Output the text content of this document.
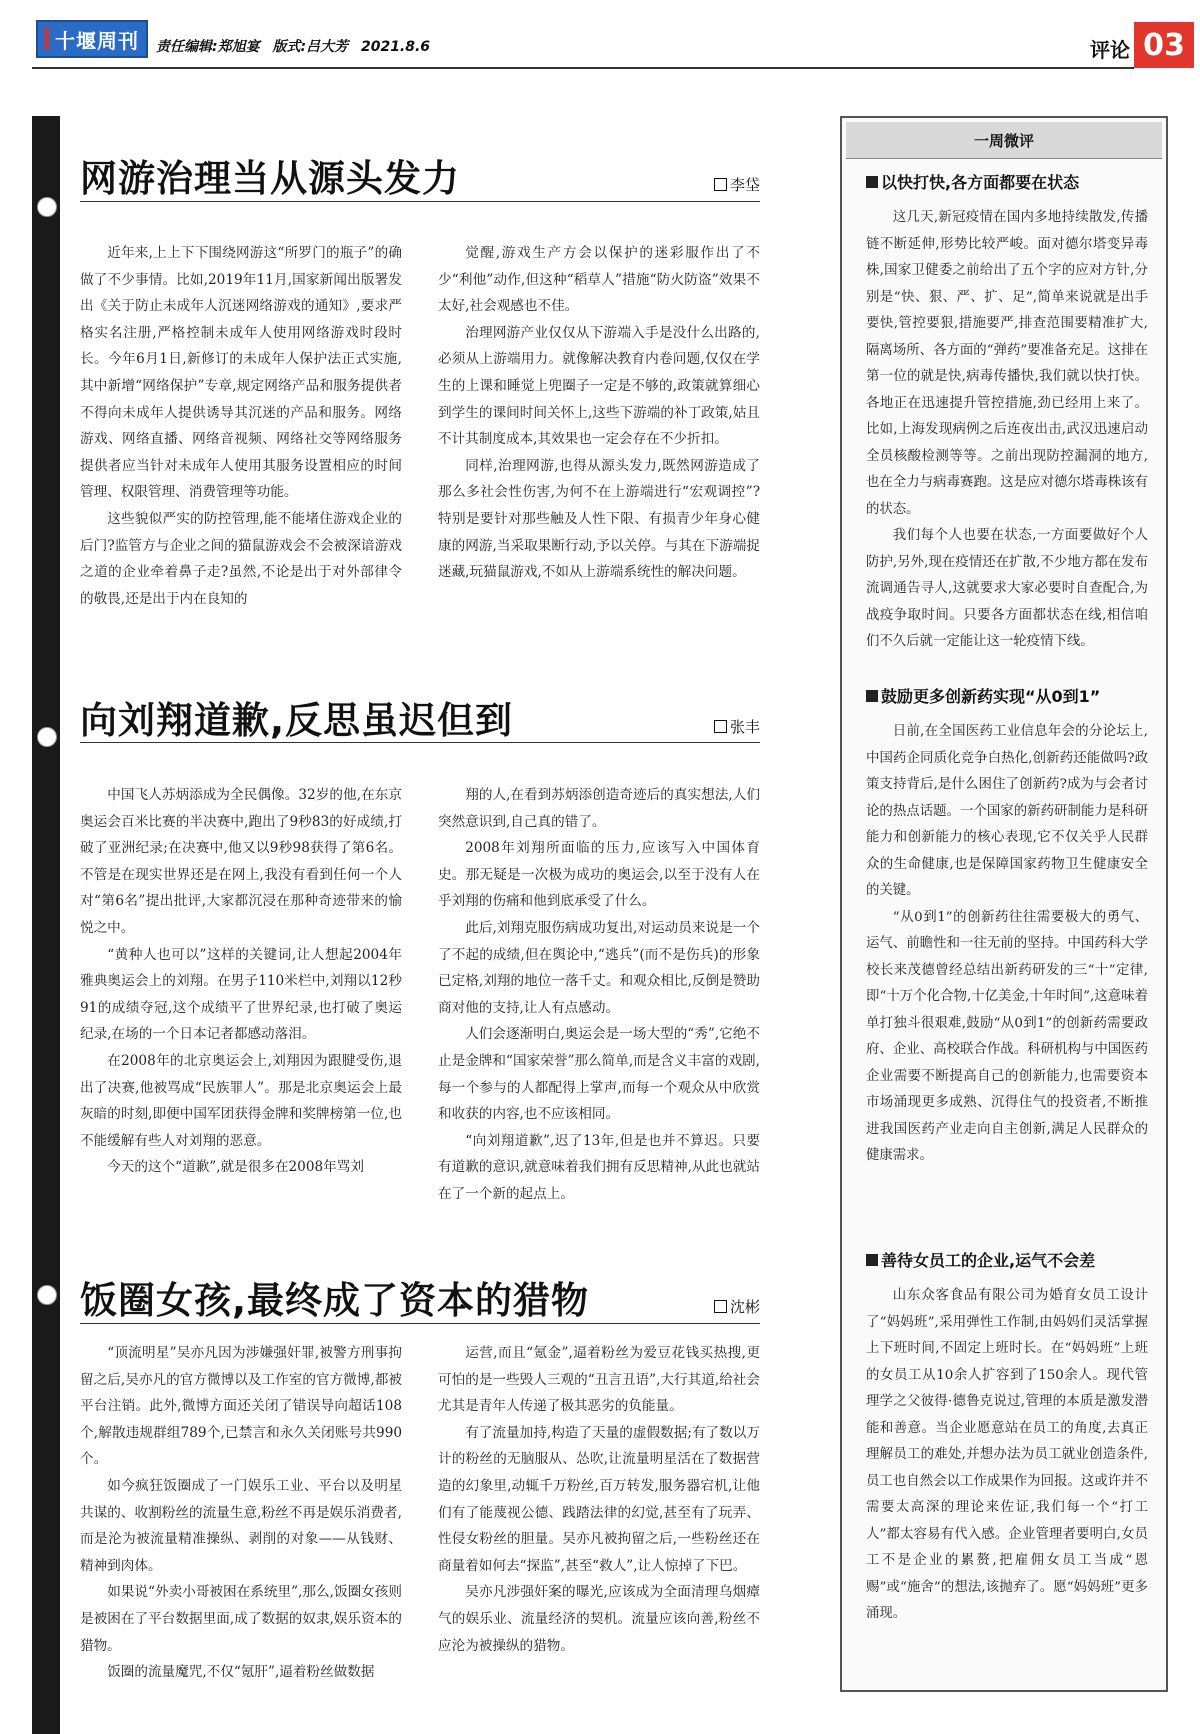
十堰周刊 责任编辑:郑旭宴 版式:吕大芳 2021.8.6	评论 03
网游治理当从源头发力	李垈

近年来,上上下下围绕网游这“所罗门的瓶子”的确做了不少事情。比如,2019年11月,国家新闻出版署发出《关于防止未成年人沉迷网络游戏的通知》,要求严格实名注册,严格控制未成年人使用网络游戏时段时长。今年6月1日,新修订的未成年人保护法正式实施,其中新增“网络保护”专章,规定网络产品和服务提供者不得向未成年人提供诱导其沉迷的产品和服务。网络游戏、网络直播、网络音视频、网络社交等网络服务提供者应当针对未成年人使用其服务设置相应的时间管理、权限管理、消费管理等功能。

这些貌似严实的防控管理,能不能堵住游戏企业的后门?监管方与企业之间的猫鼠游戏会不会被深谙游戏之道的企业牵着鼻子走?虽然,不论是出于对外部律令的敬畏,还是出于内在良知的

觉醒,游戏生产方会以保护的迷彩服作出了不少“利他”动作,但这种“稻草人”措施“防火防盗”效果不太好,社会观感也不佳。

治理网游产业仅仅从下游端入手是没什么出路的,必须从上游端用力。就像解决教育内卷问题,仅仅在学生的上课和睡觉上兜圈子一定是不够的,政策就算细心到学生的课间时间关怀上,这些下游端的补丁政策,姑且不计其制度成本,其效果也一定会存在不少折扣。

同样,治理网游,也得从源头发力,既然网游造成了那么多社会性伤害,为何不在上游端进行“宏观调控”?特别是要针对那些触及人性下限、有损青少年身心健康的网游,当采取果断行动,予以关停。与其在下游端捉迷藏,玩猫鼠游戏,不如从上游端系统性的解决问题。

向刘翔道歉,反思虽迟但到	张丰

中国飞人苏炳添成为全民偶像。32岁的他,在东京奥运会百米比赛的半决赛中,跑出了9秒83的好成绩,打破了亚洲纪录;在决赛中,他又以9秒98获得了第6名。不管是在现实世界还是在网上,我没有看到任何一个人对“第6名”提出批评,大家都沉浸在那种奇迹带来的愉悦之中。

“黄种人也可以”这样的关键词,让人想起2004年雅典奥运会上的刘翔。在男子110米栏中,刘翔以12秒91的成绩夺冠,这个成绩平了世界纪录,也打破了奥运纪录,在场的一个日本记者都感动落泪。

在2008年的北京奥运会上,刘翔因为跟腱受伤,退出了决赛,他被骂成“民族罪人”。那是北京奥运会上最灰暗的时刻,即便中国军团获得金牌和奖牌榜第一位,也不能缓解有些人对刘翔的恶意。

今天的这个“道歉”,就是很多在2008年骂刘

翔的人,在看到苏炳添创造奇迹后的真实想法,人们突然意识到,自己真的错了。

2008年刘翔所面临的压力,应该写入中国体育史。那无疑是一次极为成功的奥运会,以至于没有人在乎刘翔的伤痛和他到底承受了什么。

此后,刘翔克服伤病成功复出,对运动员来说是一个了不起的成绩,但在舆论中,“逃兵”(而不是伤兵)的形象已定格,刘翔的地位一落千丈。和观众相比,反倒是赞助商对他的支持,让人有点感动。

人们会逐渐明白,奥运会是一场大型的“秀”,它绝不止是金牌和“国家荣誉”那么简单,而是含义丰富的戏剧,每一个参与的人都配得上掌声,而每一个观众从中欣赏和收获的内容,也不应该相同。

“向刘翔道歉”,迟了13年,但是也并不算迟。只要有道歉的意识,就意味着我们拥有反思精神,从此也就站在了一个新的起点上。

饭圈女孩,最终成了资本的猎物	沈彬

“顶流明星”吴亦凡因为涉嫌强奸罪,被警方刑事拘留之后,吴亦凡的官方微博以及工作室的官方微博,都被平台注销。此外,微博方面还关闭了错误导向超话108个,解散违规群组789个,已禁言和永久关闭账号共990个。

如今疯狂饭圈成了一门娱乐工业、平台以及明星共谋的、收割粉丝的流量生意,粉丝不再是娱乐消费者,而是沦为被流量精准操纵、剥削的对象——从钱财、精神到肉体。

如果说“外卖小哥被困在系统里”,那么,饭圈女孩则是被困在了平台数据里面,成了数据的奴隶,娱乐资本的猎物。

饭圈的流量魔咒,不仅“氪肝”,逼着粉丝做数据

运营,而且“氪金”,逼着粉丝为爱豆花钱买热搜,更可怕的是一些毁人三观的“丑言丑语”,大行其道,给社会尤其是青年人传递了极其恶劣的负能量。

有了流量加持,构造了天量的虚假数据;有了数以万计的粉丝的无脑服从、怂吹,让流量明星活在了数据营造的幻象里,动辄千万粉丝,百万转发,服务器宕机,让他们有了能蔑视公德、践踏法律的幻觉,甚至有了玩弄、性侵女粉丝的胆量。吴亦凡被拘留之后,一些粉丝还在商量着如何去“探监”,甚至“救人”,让人惊掉了下巴。

吴亦凡涉强奸案的曝光,应该成为全面清理乌烟瘴气的娱乐业、流量经济的契机。流量应该向善,粉丝不应沦为被操纵的猎物。

一周微评
以快打快,各方面都要在状态

这几天,新冠疫情在国内多地持续散发,传播链不断延伸,形势比较严峻。面对德尔塔变异毒株,国家卫健委之前给出了五个字的应对方针,分别是“快、狠、严、扩、足”,简单来说就是出手要快,管控要狠,措施要严,排查范围要精准扩大,隔离场所、各方面的“弹药”要准备充足。这排在第一位的就是快,病毒传播快,我们就以快打快。各地正在迅速提升管控措施,劲已经用上来了。比如,上海发现病例之后连夜出击,武汉迅速启动全员核酸检测等等。之前出现防控漏洞的地方,也在全力与病毒赛跑。这是应对德尔塔毒株该有的状态。

我们每个人也要在状态,一方面要做好个人防护,另外,现在疫情还在扩散,不少地方都在发布流调通告寻人,这就要求大家必要时自查配合,为战疫争取时间。只要各方面都状态在线,相信咱们不久后就一定能让这一轮疫情下线。

鼓励更多创新药实现“从0到1”

日前,在全国医药工业信息年会的分论坛上,中国药企同质化竞争白热化,创新药还能做吗?政策支持背后,是什么困住了创新药?成为与会者讨论的热点话题。一个国家的新药研制能力是科研能力和创新能力的核心表现,它不仅关乎人民群众的生命健康,也是保障国家药物卫生健康安全的关键。

“从0到1”的创新药往往需要极大的勇气、运气、前瞻性和一往无前的坚持。中国药科大学校长来茂德曾经总结出新药研发的三“十”定律,即“十万个化合物,十亿美金,十年时间”,这意味着单打独斗很艰难,鼓励“从0到1”的创新药需要政府、企业、高校联合作战。科研机构与中国医药企业需要不断提高自己的创新能力,也需要资本市场涌现更多成熟、沉得住气的投资者,不断推进我国医药产业走向自主创新,满足人民群众的健康需求。

善待女员工的企业,运气不会差

山东众客食品有限公司为婚育女员工设计了“妈妈班”,采用弹性工作制,由妈妈们灵活掌握上下班时间,不固定上班时长。在“妈妈班”上班的女员工从10余人扩容到了150余人。现代管理学之父彼得·德鲁克说过,管理的本质是激发潜能和善意。当企业愿意站在员工的角度,去真正理解员工的难处,并想办法为员工就业创造条件,员工也自然会以工作成果作为回报。这或许并不需要太高深的理论来佐证,我们每一个“打工人”都太容易有代入感。企业管理者要明白,女员工不是企业的累赘,把雇佣女员工当成“恩赐”或“施舍”的想法,该抛弃了。愿“妈妈班”更多涌现。
